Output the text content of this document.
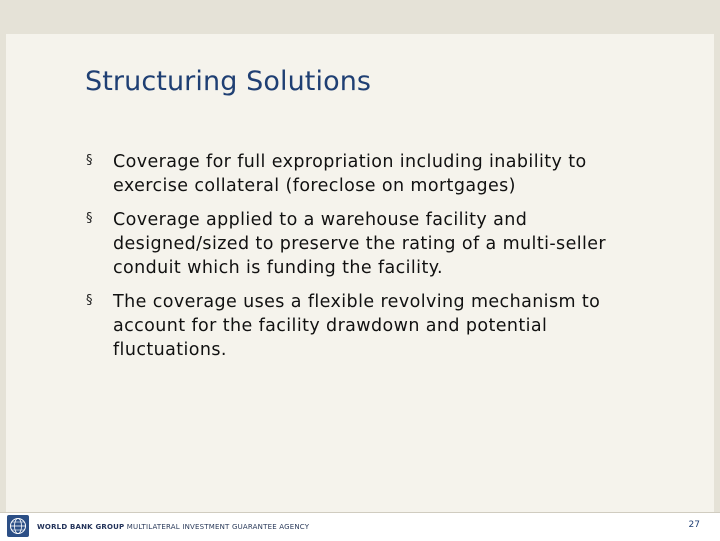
Structuring Solutions
§ Coverage for full expropriation including inability to exercise collateral (foreclose on mortgages)
§ Coverage applied to a warehouse facility and designed/sized to preserve the rating of a multi-seller conduit which is funding the facility.
§ The coverage uses a flexible revolving mechanism to account for the facility drawdown and potential fluctuations.
WORLD BANK GROUP MULTILATERAL INVESTMENT GUARANTEE AGENCY	27
